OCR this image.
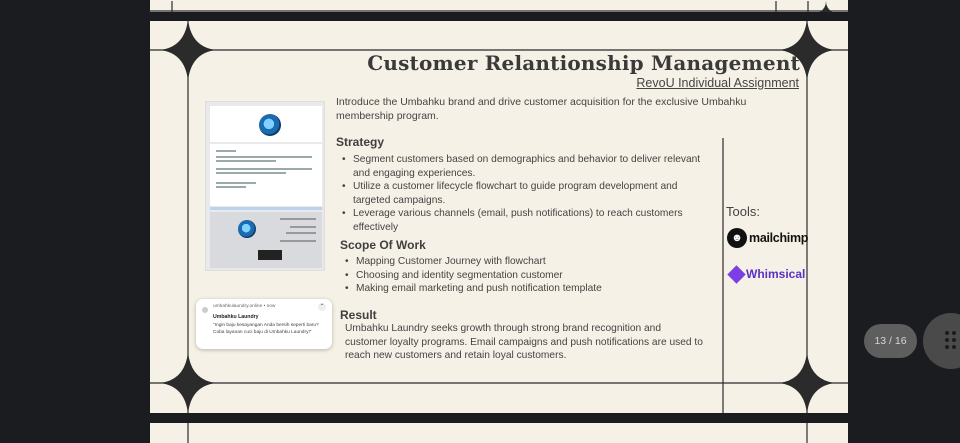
Customer Relantionship Management
RevoU Individual Assignment
Introduce the Umbahku brand and drive customer acquisition for the exclusive Umbahku membership program.
⌃
umbahkulaundry.online • now
Umbahku Laundry
"Ingin baju kesayangan Anda bersih seperti baru? Coba layanan cuci baju di Umbahku Laundry!"
Strategy
• Segment customers based on demographics and behavior to deliver relevant and engaging experiences.
• Utilize a customer lifecycle flowchart to guide program development and targeted campaigns.
• Leverage various channels (email, push notifications) to reach customers effectively
Scope Of Work
• Mapping Customer Journey with flowchart
• Choosing and identity segmentation customer
• Making email marketing and push notification template
Result
Umbahku Laundry seeks growth through strong brand recognition and customer loyalty programs. Email campaigns and push notifications are used to reach new customers and retain loyal customers.
Tools:
☻ mailchimp
Whimsical
13 / 16
